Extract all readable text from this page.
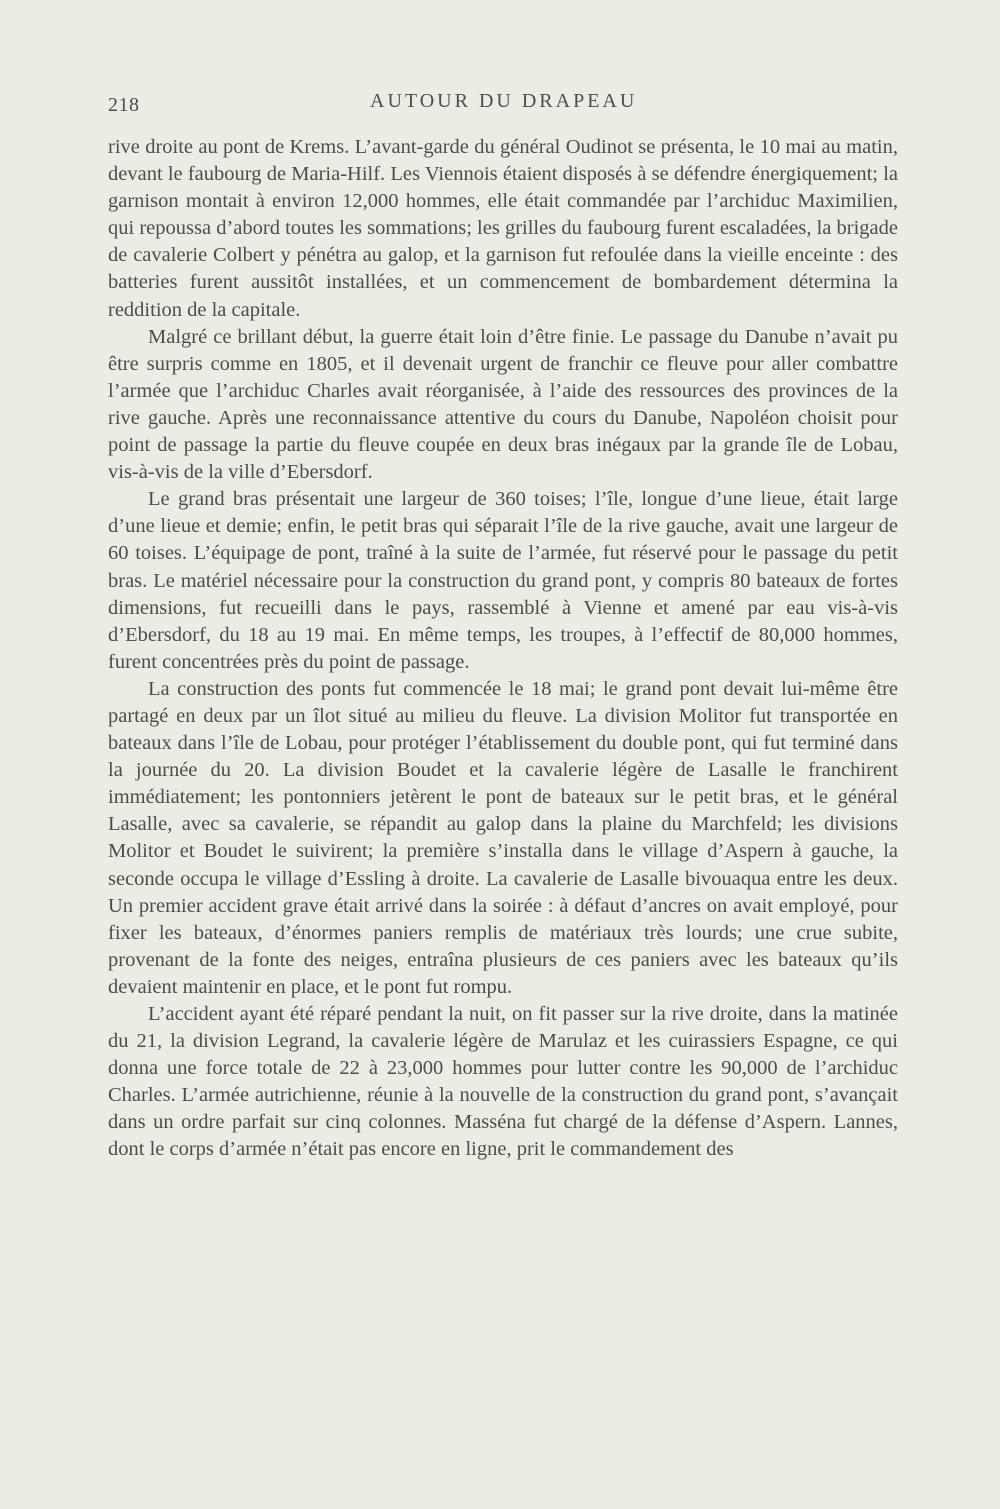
218	AUTOUR DU DRAPEAU

rive droite au pont de Krems. L’avant-garde du général Oudinot se présenta, le 10 mai au matin, devant le faubourg de Maria-Hilf. Les Viennois étaient disposés à se défendre énergiquement; la garnison montait à environ 12,000 hommes, elle était commandée par l’archiduc Maximilien, qui repoussa d’abord toutes les sommations; les grilles du faubourg furent escaladées, la brigade de cavalerie Colbert y pénétra au galop, et la garnison fut refoulée dans la vieille enceinte : des batteries furent aussitôt installées, et un commencement de bombardement détermina la reddition de la capitale.

Malgré ce brillant début, la guerre était loin d’être finie. Le passage du Danube n’avait pu être surpris comme en 1805, et il devenait urgent de franchir ce fleuve pour aller combattre l’armée que l’archiduc Charles avait réorganisée, à l’aide des ressources des provinces de la rive gauche. Après une reconnaissance attentive du cours du Danube, Napoléon choisit pour point de passage la partie du fleuve coupée en deux bras inégaux par la grande île de Lobau, vis-à-vis de la ville d’Ebersdorf.

Le grand bras présentait une largeur de 360 toises; l’île, longue d’une lieue, était large d’une lieue et demie; enfin, le petit bras qui séparait l’île de la rive gauche, avait une largeur de 60 toises. L’équipage de pont, traîné à la suite de l’armée, fut réservé pour le passage du petit bras. Le matériel nécessaire pour la construction du grand pont, y compris 80 bateaux de fortes dimensions, fut recueilli dans le pays, rassemblé à Vienne et amené par eau vis-à-vis d’Ebersdorf, du 18 au 19 mai. En même temps, les troupes, à l’effectif de 80,000 hommes, furent concentrées près du point de passage.

La construction des ponts fut commencée le 18 mai; le grand pont devait lui-même être partagé en deux par un îlot situé au milieu du fleuve. La division Molitor fut transportée en bateaux dans l’île de Lobau, pour protéger l’établissement du double pont, qui fut terminé dans la journée du 20. La division Boudet et la cavalerie légère de Lasalle le franchirent immédiatement; les pontonniers jetèrent le pont de bateaux sur le petit bras, et le général Lasalle, avec sa cavalerie, se répandit au galop dans la plaine du Marchfeld; les divisions Molitor et Boudet le suivirent; la première s’installa dans le village d’Aspern à gauche, la seconde occupa le village d’Essling à droite. La cavalerie de Lasalle bivouaqua entre les deux. Un premier accident grave était arrivé dans la soirée : à défaut d’ancres on avait employé, pour fixer les bateaux, d’énormes paniers remplis de matériaux très lourds; une crue subite, provenant de la fonte des neiges, entraîna plusieurs de ces paniers avec les bateaux qu’ils devaient maintenir en place, et le pont fut rompu.

L’accident ayant été réparé pendant la nuit, on fit passer sur la rive droite, dans la matinée du 21, la division Legrand, la cavalerie légère de Marulaz et les cuirassiers Espagne, ce qui donna une force totale de 22 à 23,000 hommes pour lutter contre les 90,000 de l’archiduc Charles. L’armée autrichienne, réunie à la nouvelle de la construction du grand pont, s’avançait dans un ordre parfait sur cinq colonnes. Masséna fut chargé de la défense d’Aspern. Lannes, dont le corps d’armée n’était pas encore en ligne, prit le commandement des
